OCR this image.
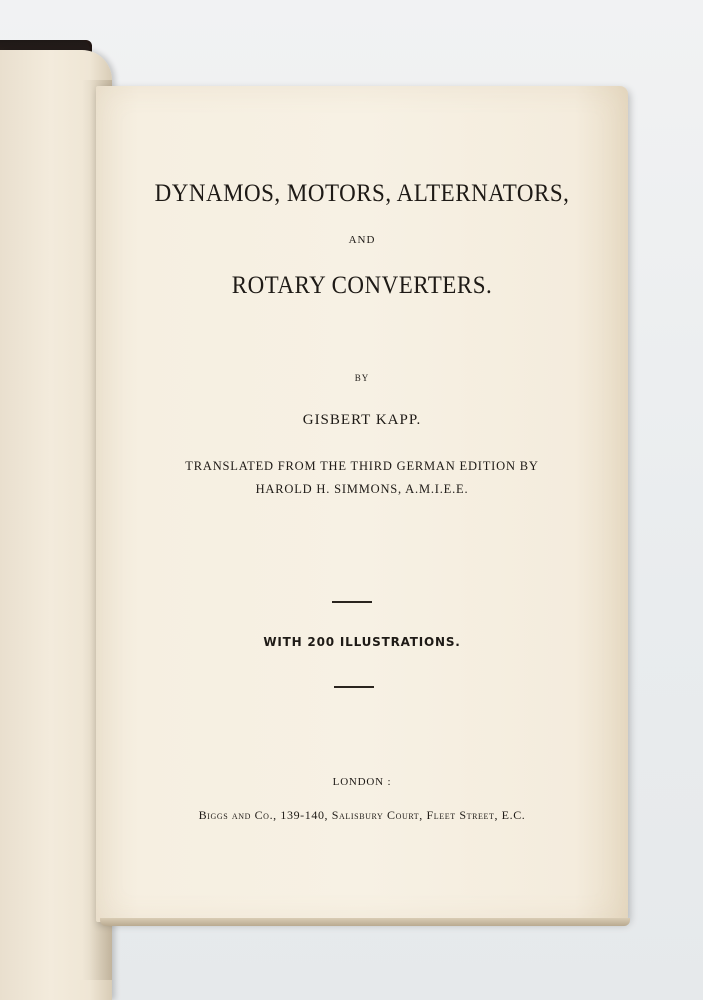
DYNAMOS, MOTORS, ALTERNATORS,
AND
ROTARY CONVERTERS.
BY
GISBERT KAPP.
TRANSLATED FROM THE THIRD GERMAN EDITION BY
HAROLD H. SIMMONS, A.M.I.E.E.
WITH 200 ILLUSTRATIONS.
LONDON :
Biggs and Co., 139-140, Salisbury Court, Fleet Street, E.C.
